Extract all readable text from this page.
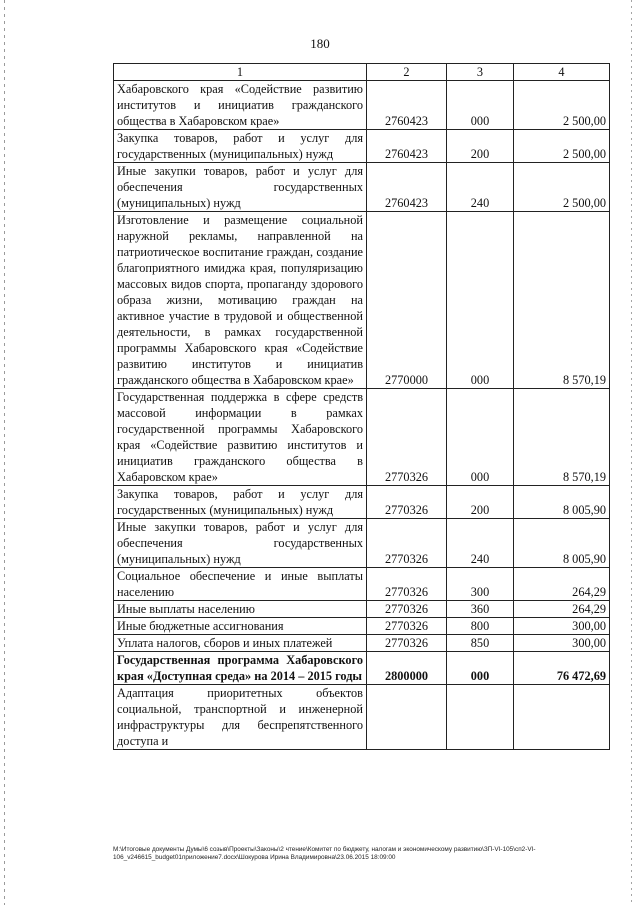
180
1	2	3	4
Хабаровского края «Содействие развитию институтов и инициатив гражданского общества в Хабаровском крае»	2760423	000	2 500,00
Закупка товаров, работ и услуг для государственных (муниципальных) нужд	2760423	200	2 500,00
Иные закупки товаров, работ и услуг для обеспечения государственных (муниципальных) нужд	2760423	240	2 500,00
Изготовление и размещение социальной наружной рекламы, направленной на патриотическое воспитание граждан, создание благоприятного имиджа края, популяризацию массовых видов спорта, пропаганду здорового образа жизни, мотивацию граждан на активное участие в трудовой и общественной деятельности, в рамках государственной программы Хабаровского края «Содействие развитию институтов и инициатив гражданского общества в Хабаровском крае»	2770000	000	8 570,19
Государственная поддержка в сфере средств массовой информации в рамках государственной программы Хабаровского края «Содействие развитию институтов и инициатив гражданского общества в Хабаровском крае»	2770326	000	8 570,19
Закупка товаров, работ и услуг для государственных (муниципальных) нужд	2770326	200	8 005,90
Иные закупки товаров, работ и услуг для обеспечения государственных (муниципальных) нужд	2770326	240	8 005,90
Социальное обеспечение и иные выплаты населению	2770326	300	264,29
Иные выплаты населению	2770326	360	264,29
Иные бюджетные ассигнования	2770326	800	300,00
Уплата налогов, сборов и иных платежей	2770326	850	300,00
Государственная программа Хабаровского края «Доступная среда» на 2014 – 2015 годы	2800000	000	76 472,69
Адаптация приоритетных объектов социальной, транспортной и инженерной инфраструктуры для беспрепятственного доступа и			
M:\Итоговые документы Думы\6 созыв\Проекты\Законы\2 чтение\Комитет по бюджету, налогам и экономическому развитию\ЗП-VI-105\сп2-VI-106_v246615_budget01приложение7.docx\Шокурова Ирина Владимировна\23.06.2015 18:09:00
